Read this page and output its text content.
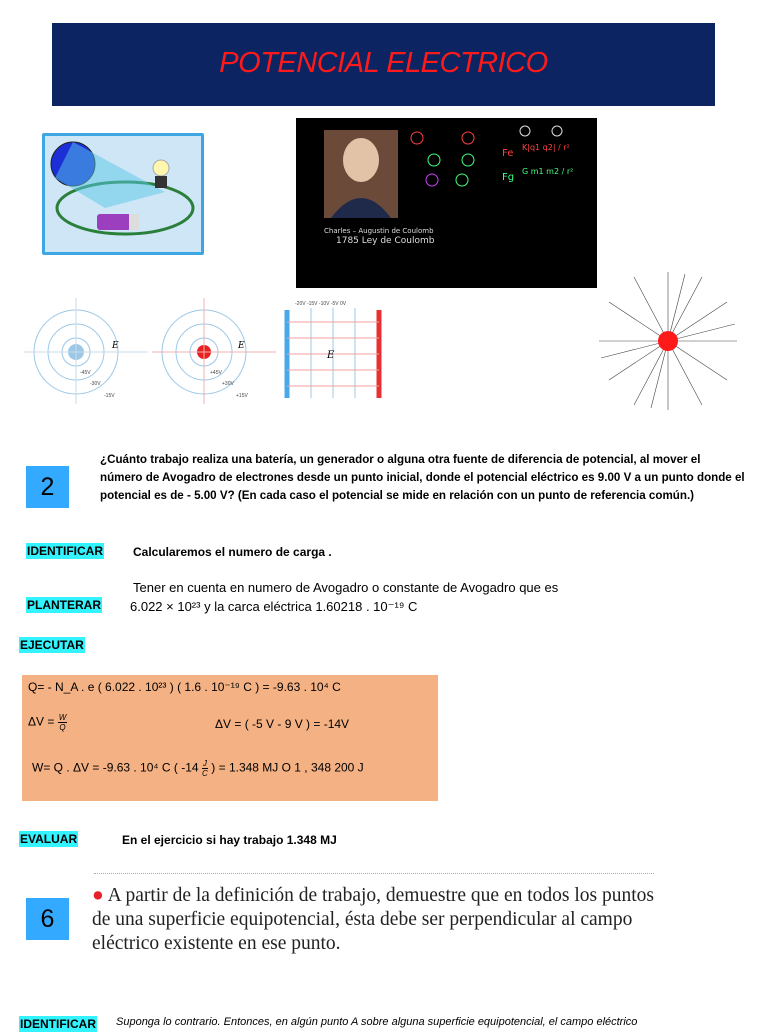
POTENCIAL ELECTRICO
Charles – Augustin de Coulomb
1785 Ley de Coulomb
Fe
K|q1 q2| / r²
Fg
G m1 m2 / r²
E
-45V
-30V
-15V
E
+45V
+30V
+15V
-20V -15V -10V -5V 0V
E
2
¿Cuánto trabajo realiza una batería, un generador o alguna otra fuente de diferencia de potencial, al mover el número de Avogadro de electrones desde un punto inicial, donde el potencial eléctrico es 9.00 V a un punto donde el potencial es de - 5.00 V? (En cada caso el potencial se mide en relación con un punto de referencia común.)
IDENTIFICAR	Calcularemos el numero de carga .
PLANTERAR
Tener en cuenta en numero de Avogadro o constante de Avogadro que es
6.022 × 10²³ y la carca eléctrica 1.60218 . 10⁻¹⁹ C
EJECUTAR
Q= - N_A . e ( 6.022 . 10²³ ) ( 1.6 . 10⁻¹⁹ C ) = -9.63 . 10⁴ C
$\Delta V = \frac{W}{Q}$	ΔV = ( -5 V - 9 V ) = -14V
W= Q . ΔV = -9.63 . 10⁴ C ( $-14 \frac{J}{C}$ ) = 1.348 MJ O 1 , 348 200 J
EVALUAR	En el ejercicio si hay trabajo 1.348 MJ
6
● A partir de la definición de trabajo, demuestre que en todos los puntos de una superficie equipotencial, ésta debe ser perpendicular al campo eléctrico existente en ese punto.
IDENTIFICAR Suponga lo contrario. Entonces, en algún punto A sobre alguna superficie equipotencial, el campo eléctrico
